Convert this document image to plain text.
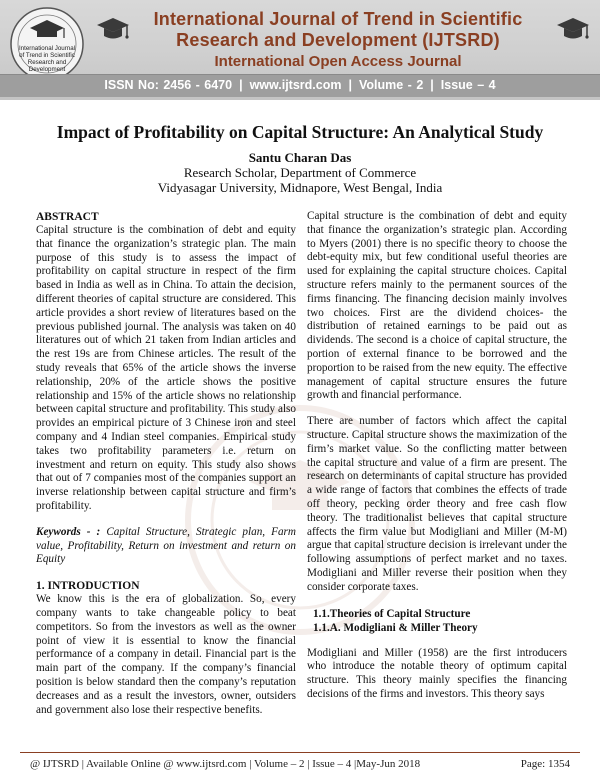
International Journal
of Trend in Scientific
Research and
Development
International Journal of Trend in Scientific
Research and Development (IJTSRD)
International Open Access Journal
ISSN No: 2456 - 6470 | www.ijtsrd.com | Volume - 2 | Issue – 4
Impact of Profitability on Capital Structure: An Analytical Study
Santu Charan Das
Research Scholar, Department of Commerce
Vidyasagar University, Midnapore, West Bengal, India

ABSTRACT

Capital structure is the combination of debt and equity that finance the organization’s strategic plan. The main purpose of this study is to assess the impact of profitability on capital structure in respect of the firm based in India as well as in China. To attain the decision, different theories of capital structure are considered. This article provides a short review of literatures based on the previous published journal. The analysis was taken on 40 literatures out of which 21 taken from Indian articles and the rest 19s are from Chinese articles. The result of the study reveals that 65% of the article shows the inverse relationship, 20% of the article shows the positive relationship and 15% of the article shows no relationship between capital structure and profitability. This study also provides an empirical picture of 3 Chinese iron and steel company and 4 Indian steel companies. Empirical study takes two profitability parameters i.e. return on investment and return on equity. This study also shows that out of 7 companies most of the companies support an inverse relationship between capital structure and firm’s profitability.

Keywords - : Capital Structure, Strategic plan, Farm value, Profitability, Return on investment and return on Equity

1. INTRODUCTION

We know this is the era of globalization. So, every company wants to take changeable policy to beat competitors. So from the investors as well as the owner point of view it is essential to know the financial performance of a company in detail. Financial part is the main part of the company. If the company’s financial position is below standard then the company’s reputation decreases and as a result the investors, owner, outsiders and government also lose their respective benefits.

Capital structure is the combination of debt and equity that finance the organization’s strategic plan. According to Myers (2001) there is no specific theory to choose the debt-equity mix, but few conditional useful theories are used for explaining the capital structure choices. Capital structure refers mainly to the permanent sources of the firms financing. The financing decision mainly involves two choices. First are the dividend choices- the distribution of retained earnings to be paid out as dividends. The second is a choice of capital structure, the portion of external finance to be borrowed and the proportion to be raised from the new equity. The effective management of capital structure ensures the future growth and financial performance.

There are number of factors which affect the capital structure. Capital structure shows the maximization of the firm’s market value. So the conflicting matter between the capital structure and value of a firm are present. The research on determinants of capital structure has provided a wide range of factors that combines the effects of trade off theory, pecking order theory and free cash flow theory. The traditionalist believes that capital structure affects the firm value but Modigliani and Miller (M-M) argue that capital structure decision is irrelevant under the following assumptions of perfect market and no taxes. Modigliani and Miller reverse their position when they consider corporate taxes.

1.1.Theories of Capital Structure

1.1.A. Modigliani & Miller Theory

Modigliani and Miller (1958) are the first introducers who introduce the notable theory of optimum capital structure. This theory mainly specifies the financing decisions of the firms and investors. This theory says

@ IJTSRD | Available Online @ www.ijtsrd.com | Volume – 2 | Issue – 4 |May-Jun 2018	Page: 1354
